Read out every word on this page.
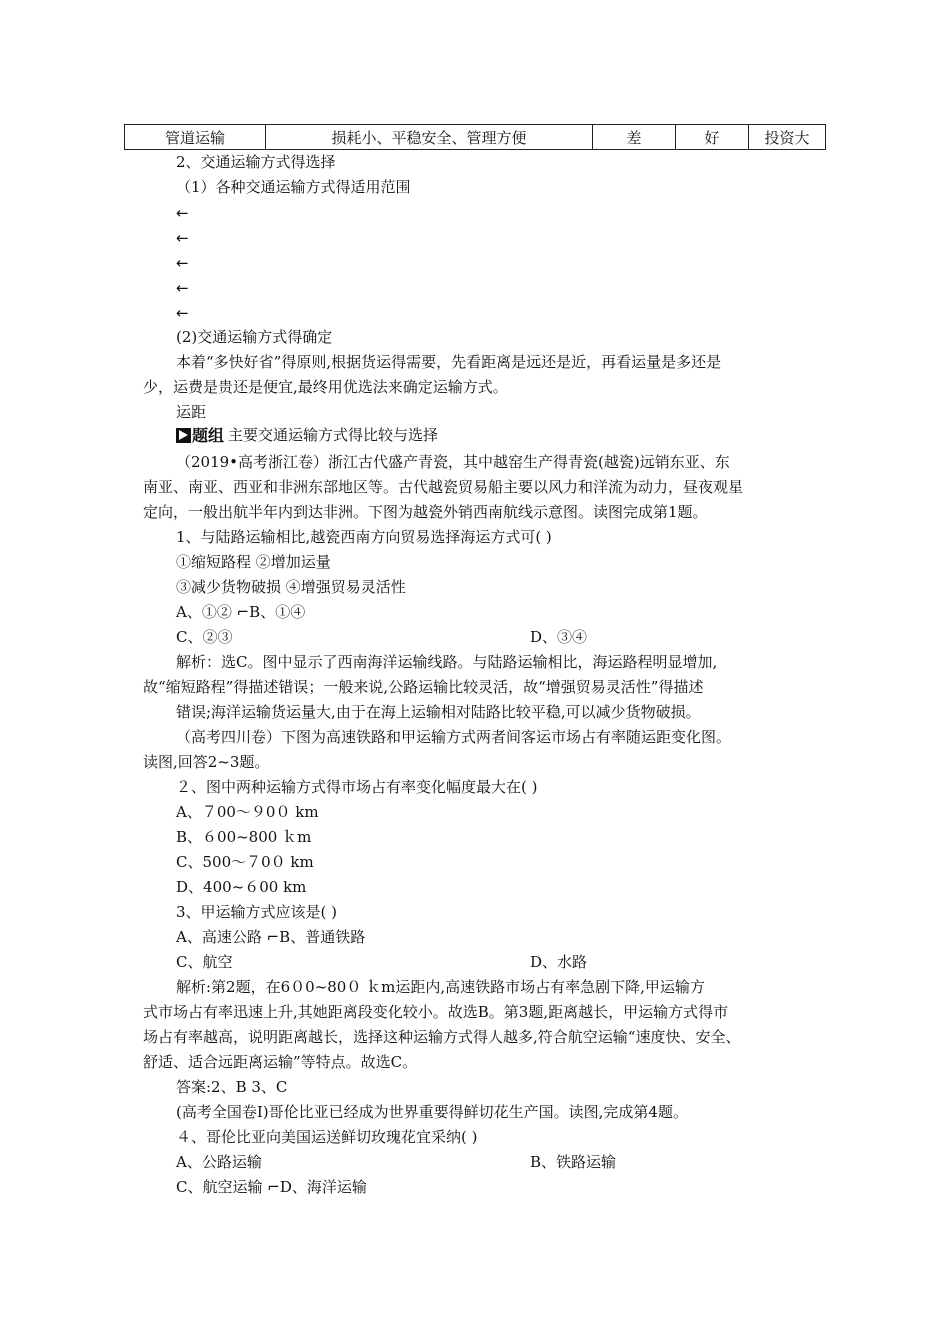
管道运输	损耗小、平稳安全、管理方便	差	好	投资大
2、交通运输方式得选择
（1）各种交通运输方式得适用范围
←
←
←
←
←
(2)交通运输方式得确定
本着“多快好省”得原则,根据货运得需要，先看距离是远还是近，再看运量是多还是
少，运费是贵还是便宜,最终用优选法来确定运输方式。
运距
题组 主要交通运输方式得比较与选择
（2019•高考浙江卷）浙江古代盛产青瓷，其中越窑生产得青瓷(越瓷)远销东亚、东
南亚、南亚、西亚和非洲东部地区等。古代越瓷贸易船主要以风力和洋流为动力，昼夜观星
定向，一般出航半年内到达非洲。下图为越瓷外销西南航线示意图。读图完成第1题。
1、与陆路运输相比,越瓷西南方向贸易选择海运方式可( )
①缩短路程 ②增加运量
③减少货物破损 ④增强贸易灵活性
A、①② ⌐B、①④
C、②③	D、③④
解析：选C。图中显示了西南海洋运输线路。与陆路运输相比，海运路程明显增加,
故“缩短路程”得描述错误；一般来说,公路运输比较灵活，故“增强贸易灵活性”得描述
错误;海洋运输货运量大,由于在海上运输相对陆路比较平稳,可以减少货物破损。
（高考四川卷）下图为高速铁路和甲运输方式两者间客运市场占有率随运距变化图。
读图,回答2~3题。
２、图中两种运输方式得市场占有率变化幅度最大在( )
A、７00～９0０ km
B、６00~800 ｋm
C、500～７0０ km
D、400~６00 km
3、甲运输方式应该是( )
A、高速公路 ⌐B、普通铁路
C、航空	D、水路
解析:第2题，在6０0~80０ ｋm运距内,高速铁路市场占有率急剧下降,甲运输方
式市场占有率迅速上升,其她距离段变化较小。故选B。第3题,距离越长，甲运输方式得市
场占有率越高，说明距离越长，选择这种运输方式得人越多,符合航空运输“速度快、安全、
舒适、适合远距离运输”等特点。故选C。
答案:2、B 3、C
(高考全国卷Ⅰ)哥伦比亚已经成为世界重要得鲜切花生产国。读图,完成第4题。
４、哥伦比亚向美国运送鲜切玫瑰花宜采纳( )
A、公路运输	B、铁路运输
C、航空运输 ⌐D、海洋运输
